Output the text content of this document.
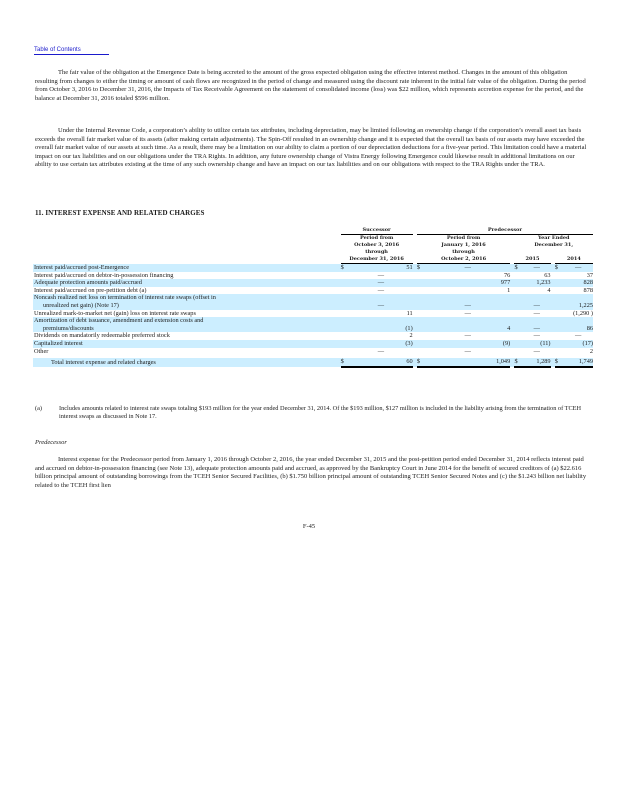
Table of Contents

The fair value of the obligation at the Emergence Date is being accreted to the amount of the gross expected obligation using the effective interest method. Changes in the amount of this obligation resulting from changes to either the timing or amount of cash flows are recognized in the period of change and measured using the discount rate inherent in the initial fair value of the obligation. During the period from October 3, 2016 to December 31, 2016, the Impacts of Tax Receivable Agreement on the statement of consolidated income (loss) was $22 million, which represents accretion expense for the period, and the balance at December 31, 2016 totaled $596 million.

Under the Internal Revenue Code, a corporation’s ability to utilize certain tax attributes, including depreciation, may be limited following an ownership change if the corporation’s overall asset tax basis exceeds the overall fair market value of its assets (after making certain adjustments). The Spin-Off resulted in an ownership change and it is expected that the overall tax basis of our assets may have exceeded the overall fair market value of our assets at such time. As a result, there may be a limitation on our ability to claim a portion of our depreciation deductions for a five-year period. This limitation could have a material impact on our tax liabilities and on our obligations under the TRA Rights. In addition, any future ownership change of Vistra Energy following Emergence could likewise result in additional limitations on our ability to use certain tax attributes existing at the time of any such ownership change and have an impact on our tax liabilities and on our obligations with respect to the TRA Rights under the TRA.

11. INTEREST EXPENSE AND RELATED CHARGES
	Successor			Predecessor							
	Period from			Period from			Year Ended				
	October 3, 2016			January 1, 2016			December 31,				
	through			through							
	December 31, 2016			October 2, 2016			2015			2014	
Interest paid/accrued post-Emergence	$	51		$	—		$	—		$	—
Interest paid/accrued on debtor-in-possession financing		—			76			63			37
Adequate protection amounts paid/accrued		—			977			1,233			828
Interest paid/accrued on pre-petition debt (a)		—			1			4			878
Noncash realized net loss on termination of interest rate swaps (offset in											
unrealized net gain) (Note 17)		—			—			—			1,225
Unrealized mark-to-market net (gain) loss on interest rate swaps		11			—			—			(1,290 )
Amortization of debt issuance, amendment and extension costs and											
premiums/discounts		(1)			4			—			86
Dividends on mandatorily redeemable preferred stock		2			—			—			—
Capitalized interest		(3)			(9)			(11)			(17)
Other		—			—			—			2

Total interest expense and related charges	$	60		$	1,049		$	1,289		$	1,749
(a)	Includes amounts related to interest rate swaps totaling $193 million for the year ended December 31, 2014. Of the $193 million, $127 million is included in the liability arising from the termination of TCEH interest swaps as discussed in Note 17.

Predecessor

Interest expense for the Predecessor period from January 1, 2016 through October 2, 2016, the year ended December 31, 2015 and the post-petition period ended December 31, 2014 reflects interest paid and accrued on debtor-in-possession financing (see Note 13), adequate protection amounts paid and accrued, as approved by the Bankruptcy Court in June 2014 for the benefit of secured creditors of (a) $22.616 billion principal amount of outstanding borrowings from the TCEH Senior Secured Facilities, (b) $1.750 billion principal amount of outstanding TCEH Senior Secured Notes and (c) the $1.243 billion net liability related to the TCEH first lien

F-45
